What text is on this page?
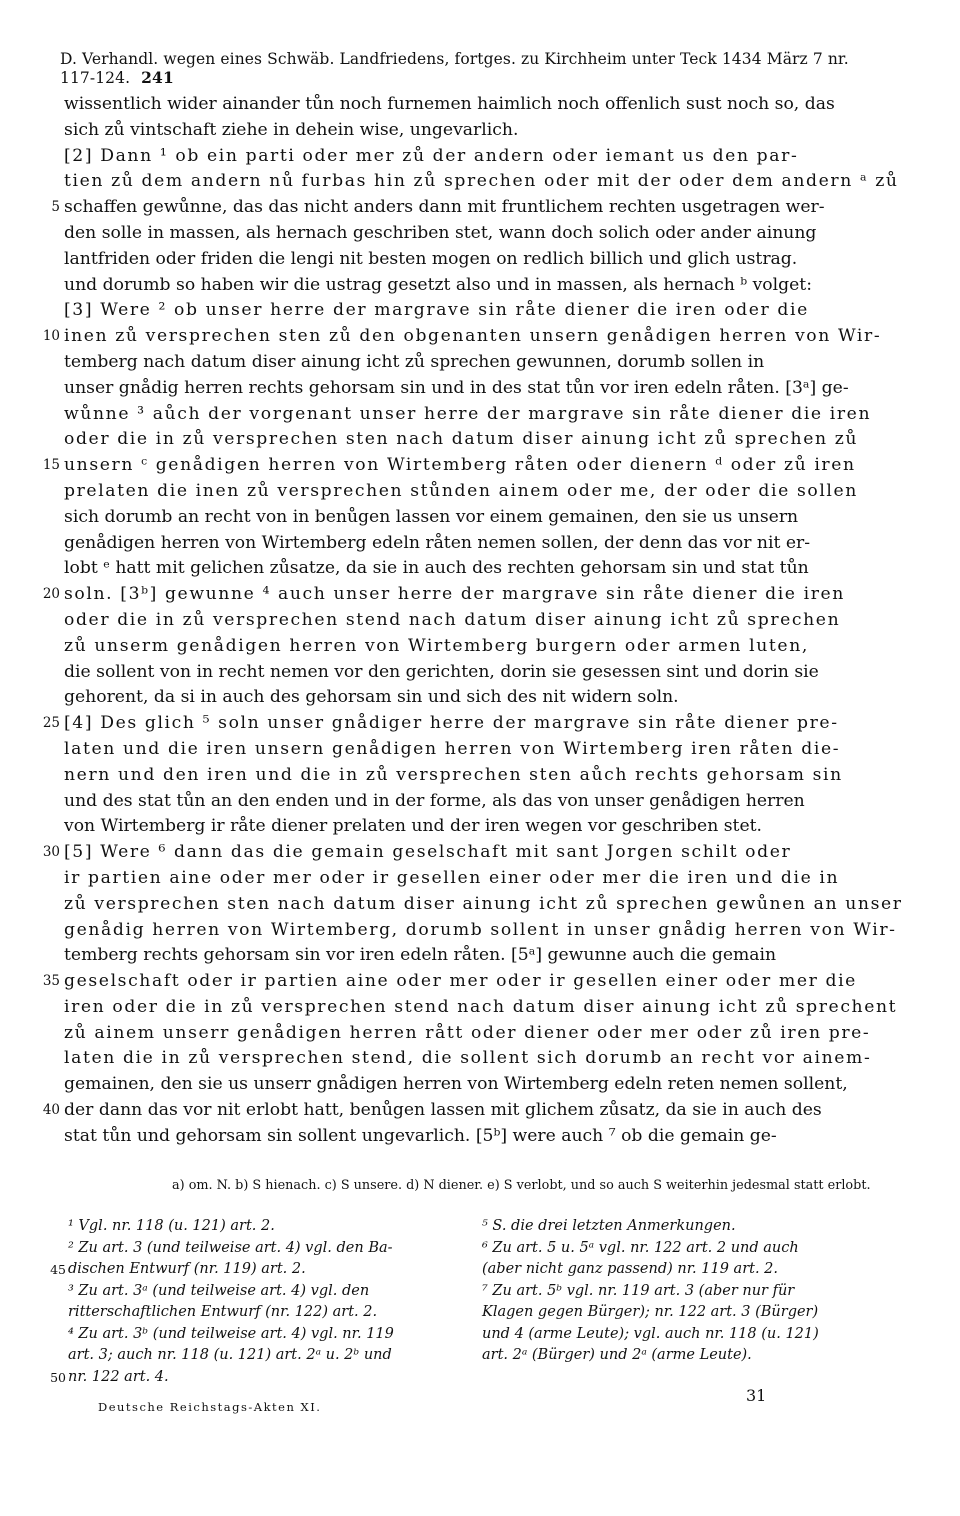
D. Verhandl. wegen eines Schwäb. Landfriedens, fortges. zu Kirchheim unter Teck 1434 März 7 nr. 117-124. 241
wissentlich wider ainander tůn noch furnemen haimlich noch offenlich sust noch so, das
sich zů vintschaft ziehe in dehein wise, ungevarlich.
[2] Dann ¹ ob ein parti oder mer zů der andern oder iemant us den par-
tien zů dem andern nů furbas hin zů sprechen oder mit der oder dem andern ᵃ zů
5 schaffen gewůnne, das das nicht anders dann mit fruntlichem rechten usgetragen wer-
den solle in massen, als hernach geschriben stet, wann doch solich oder ander ainung
lantfriden oder friden die lengi nit besten mogen on redlich billich und glich ustrag.
und dorumb so haben wir die ustrag gesetzt also und in massen, als hernach ᵇ volget:
[3] Were ² ob unser herre der margrave sin råte diener die iren oder die
10 inen zů versprechen sten zů den obgenanten unsern genådigen herren von Wir-
temberg nach datum diser ainung icht zů sprechen gewunnen, dorumb sollen in
unser gnådig herren rechts gehorsam sin und in des stat tůn vor iren edeln råten. [3ᵃ] ge-
wůnne ³ aůch der vorgenant unser herre der margrave sin råte diener die iren
oder die in zů versprechen sten nach datum diser ainung icht zů sprechen zů
15 unsern ᶜ genådigen herren von Wirtemberg råten oder dienern ᵈ oder zů iren
prelaten die inen zů versprechen stůnden ainem oder me, der oder die sollen
sich dorumb an recht von in benůgen lassen vor einem gemainen, den sie us unsern
genådigen herren von Wirtemberg edeln råten nemen sollen, der denn das vor nit er-
lobt ᵉ hatt mit gelichen zůsatze, da sie in auch des rechten gehorsam sin und stat tůn
20 soln. [3ᵇ] gewunne ⁴ auch unser herre der margrave sin råte diener die iren
oder die in zů versprechen stend nach datum diser ainung icht zů sprechen
zů unserm genådigen herren von Wirtemberg burgern oder armen luten,
die sollent von in recht nemen vor den gerichten, dorin sie gesessen sint und dorin sie
gehorent, da si in auch des gehorsam sin und sich des nit widern soln.
25 [4] Des glich ⁵ soln unser gnådiger herre der margrave sin råte diener pre-
laten und die iren unsern genådigen herren von Wirtemberg iren råten die-
nern und den iren und die in zů versprechen sten aůch rechts gehorsam sin
und des stat tůn an den enden und in der forme, als das von unser genådigen herren
von Wirtemberg ir råte diener prelaten und der iren wegen vor geschriben stet.
30 [5] Were ⁶ dann das die gemain geselschaft mit sant Jorgen schilt oder
ir partien aine oder mer oder ir gesellen einer oder mer die iren und die in
zů versprechen sten nach datum diser ainung icht zů sprechen gewůnen an unser
genådig herren von Wirtemberg, dorumb sollent in unser gnådig herren von Wir-
temberg rechts gehorsam sin vor iren edeln råten. [5ᵃ] gewunne auch die gemain
35 geselschaft oder ir partien aine oder mer oder ir gesellen einer oder mer die
iren oder die in zů versprechen stend nach datum diser ainung icht zů sprechent
zů ainem unserr genådigen herren rått oder diener oder mer oder zů iren pre-
laten die in zů versprechen stend, die sollent sich dorumb an recht vor ainem-
gemainen, den sie us unserr gnådigen herren von Wirtemberg edeln reten nemen sollent,
40 der dann das vor nit erlobt hatt, benůgen lassen mit glichem zůsatz, da sie in auch des
stat tůn und gehorsam sin sollent ungevarlich. [5ᵇ] were auch ⁷ ob die gemain ge-
a) om. N. b) S hienach. c) S unsere. d) N diener. e) S verlobt, und so auch S weiterhin jedesmal statt erlobt.
¹ Vgl. nr. 118 (u. 121) art. 2.
² Zu art. 3 (und teilweise art. 4) vgl. den Ba-
45 dischen Entwurf (nr. 119) art. 2.
³ Zu art. 3ᵃ (und teilweise art. 4) vgl. den
ritterschaftlichen Entwurf (nr. 122) art. 2.
⁴ Zu art. 3ᵇ (und teilweise art. 4) vgl. nr. 119
art. 3; auch nr. 118 (u. 121) art. 2ᵃ u. 2ᵇ und
50 nr. 122 art. 4.
⁵ S. die drei letzten Anmerkungen.
⁶ Zu art. 5 u. 5ᵃ vgl. nr. 122 art. 2 und auch
(aber nicht ganz passend) nr. 119 art. 2.
⁷ Zu art. 5ᵇ vgl. nr. 119 art. 3 (aber nur für
Klagen gegen Bürger); nr. 122 art. 3 (Bürger)
und 4 (arme Leute); vgl. auch nr. 118 (u. 121)
art. 2ᵃ (Bürger) und 2ᵃ (arme Leute).
Deutsche Reichstags-Akten XI.
31
